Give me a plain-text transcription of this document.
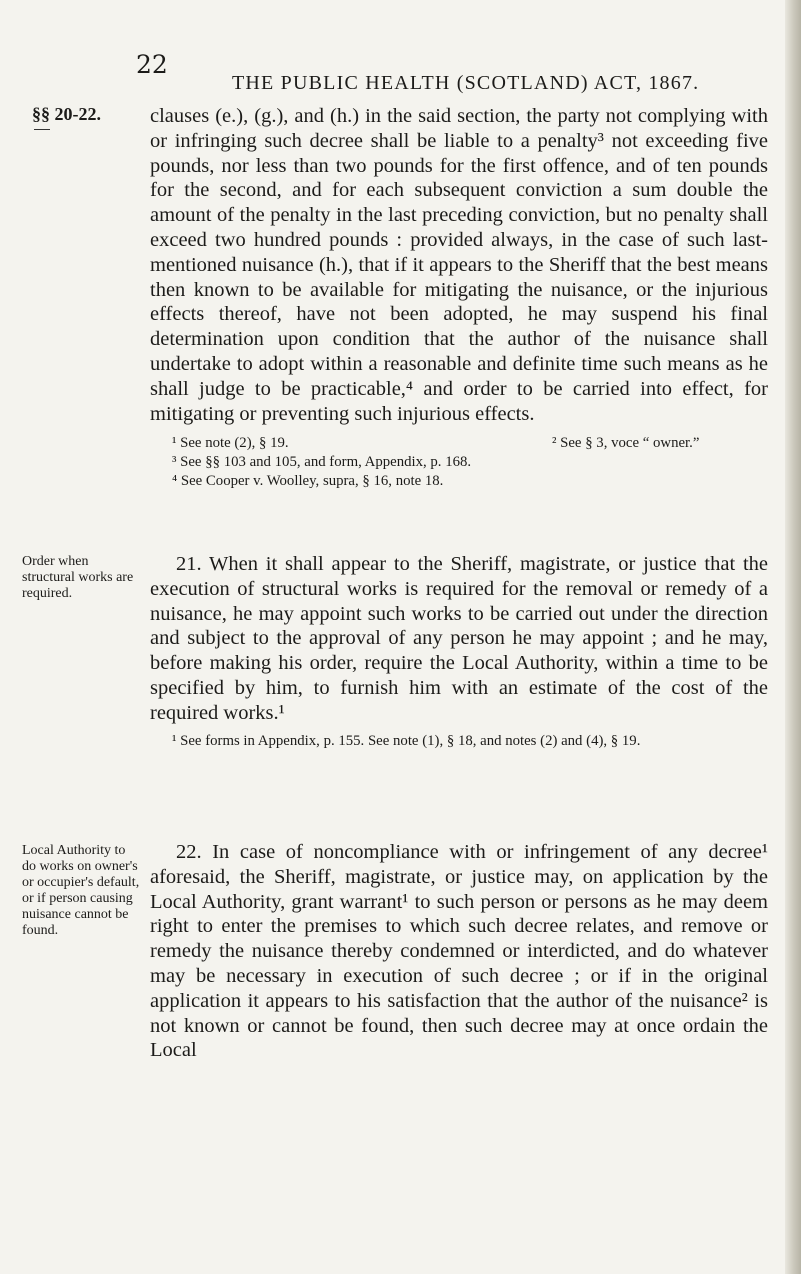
22
THE PUBLIC HEALTH (SCOTLAND) ACT, 1867.
§§ 20-22. clauses (e.), (g.), and (h.) in the said section, the party not complying with or infringing such decree shall be liable to a penalty³ not exceeding five pounds, nor less than two pounds for the first offence, and of ten pounds for the second, and for each subsequent conviction a sum double the amount of the penalty in the last preceding conviction, but no penalty shall exceed two hundred pounds : provided always, in the case of such last-mentioned nuisance (h.), that if it appears to the Sheriff that the best means then known to be available for mitigating the nuisance, or the injurious effects thereof, have not been adopted, he may suspend his final determination upon condition that the author of the nuisance shall undertake to adopt within a reasonable and definite time such means as he shall judge to be practicable,⁴ and order to be carried into effect, for mitigating or preventing such injurious effects.

¹ See note (2), § 19.	² See § 3, voce “ owner.”

³ See §§ 103 and 105, and form, Appendix, p. 168.

⁴ See Cooper v. Woolley, supra, § 16, note 18.

Order when structural works are required.

21. When it shall appear to the Sheriff, magistrate, or justice that the execution of structural works is required for the removal or remedy of a nuisance, he may appoint such works to be carried out under the direction and subject to the approval of any person he may appoint ; and he may, before making his order, require the Local Authority, within a time to be specified by him, to furnish him with an estimate of the cost of the required works.¹

¹ See forms in Appendix, p. 155. See note (1), § 18, and notes (2) and (4), § 19.

Local Authority to do works on owner's or occupier's default, or if person causing nuisance cannot be found.

22. In case of noncompliance with or infringement of any decree¹ aforesaid, the Sheriff, magistrate, or justice may, on application by the Local Authority, grant warrant¹ to such person or persons as he may deem right to enter the premises to which such decree relates, and remove or remedy the nuisance thereby condemned or interdicted, and do whatever may be necessary in execution of such decree ; or if in the original application it appears to his satisfaction that the author of the nuisance² is not known or cannot be found, then such decree may at once ordain the Local
